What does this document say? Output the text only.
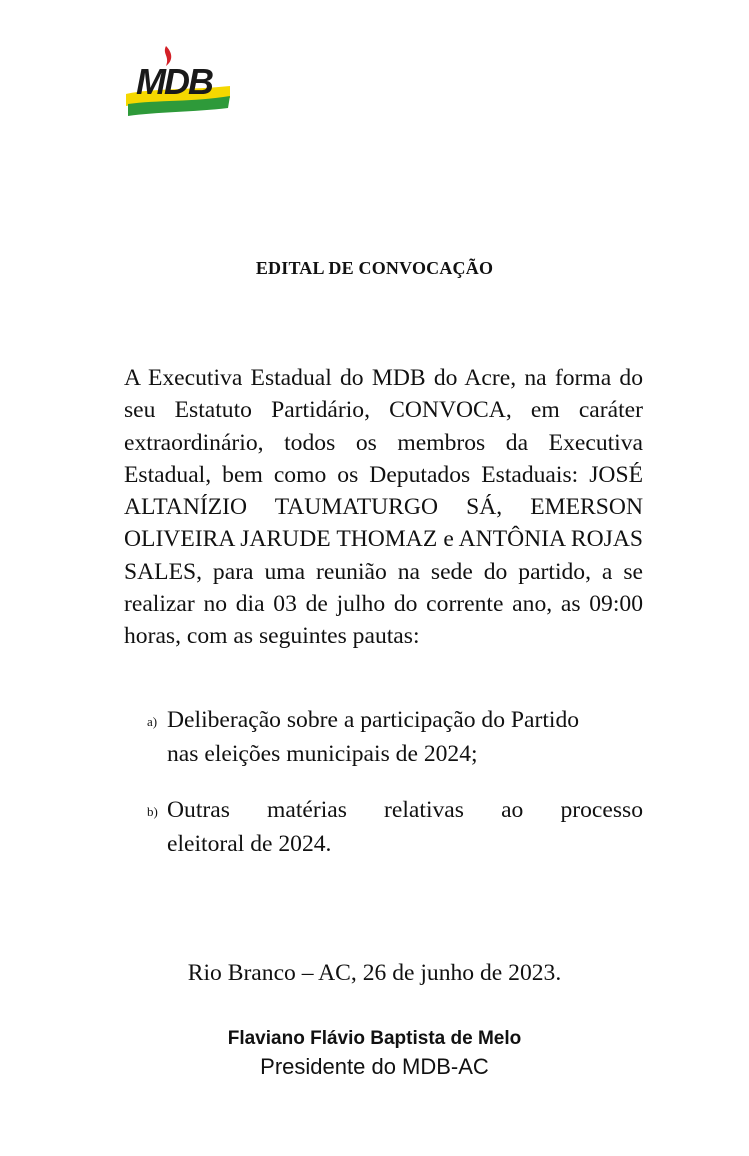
MDB
EDITAL DE CONVOCAÇÃO

A Executiva Estadual do MDB do Acre, na forma do seu Estatuto Partidário, CONVOCA, em caráter extraordinário, todos os membros da Executiva Estadual, bem como os Deputados Estaduais: JOSÉ ALTANÍZIO TAUMATURGO SÁ, EMERSON OLIVEIRA JARUDE THOMAZ e ANTÔNIA ROJAS SALES, para uma reunião na sede do partido, a se realizar no dia 03 de julho do corrente ano, as 09:00 horas, com as seguintes pautas:

a) Deliberação sobre a participação do Partido
nas eleições municipais de 2024;
b) Outras matérias relativas ao processo
eleitoral de 2024.
Rio Branco – AC, 26 de junho de 2023.
Flaviano Flávio Baptista de Melo
Presidente do MDB-AC
